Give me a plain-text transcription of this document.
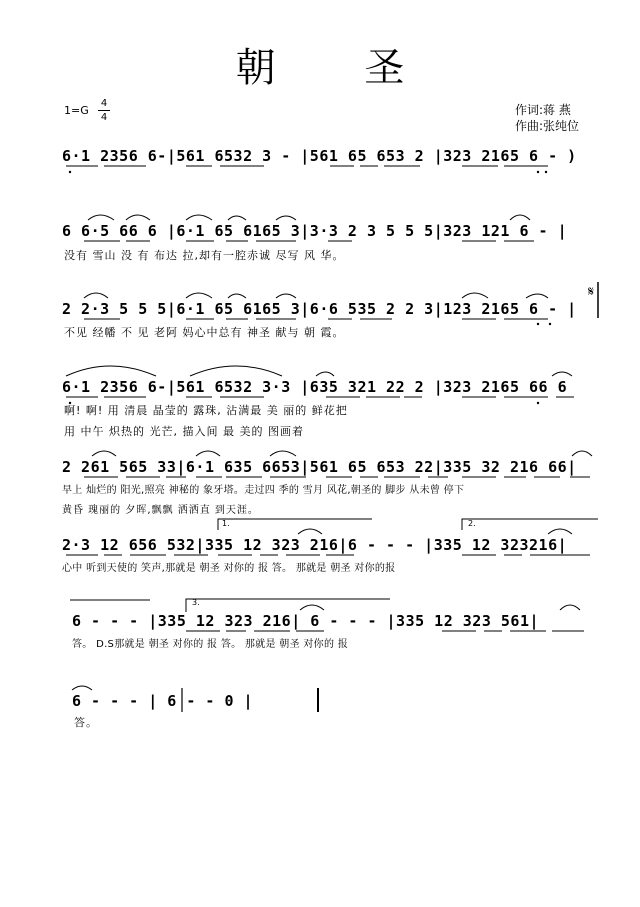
朝 圣
1=G
4
4
作词:蒋 燕
作曲:张纯位
6·1 2356 6-|561 6532 3 - |561 65 653 2 |323 2165 6 - )
6 6·5 66 6 |6·1 65 6165 3|3·3 2 3 5 5 5|323 121 6 - |
没有 雪山 没 有 布达 拉,却有一腔赤诚 尽写 风 华。
2 2·3 5 5 5|6·1 65 6165 3|6·6 535 2 2 3|123 2165 6 - |
不见 经幡 不 见 老阿 妈心中总有 神圣 献与 朝 霞。
6·1 2356 6-|561 6532 3·3 |635 321 22 2 |323 2165 66 6
啊! 啊! 用 清晨 晶莹的 露珠, 沾满最 美 丽的 鲜花把
用 中午 炽热的 光芒, 描入间 最 美的 图画着
2 261 565 33|6·1 635 6653|561 65 653 22|335 32 216 66|
早上 灿烂的 阳光,照亮 神秘的 象牙塔。走过四 季的 雪月 风花,朝圣的 脚步 从未曾 停下
黄昏 瑰丽的 夕晖,飘飘 洒洒直 到天涯。
1.	2.
2·3 12 656 532|335 12 323 216|6 - - - |335 12 323216|
心中 听到天使的 笑声,那就是 朝圣 对你的 报 答。 那就是 朝圣 对你的报
3.
6 - - - |335 12 323 216| 6 - - - |335 12 323 561|
答。 D.S那就是 朝圣 对你的 报 答。 那就是 朝圣 对你的 报
6 - - - | 6 - - 0 |
答。
𝄋
